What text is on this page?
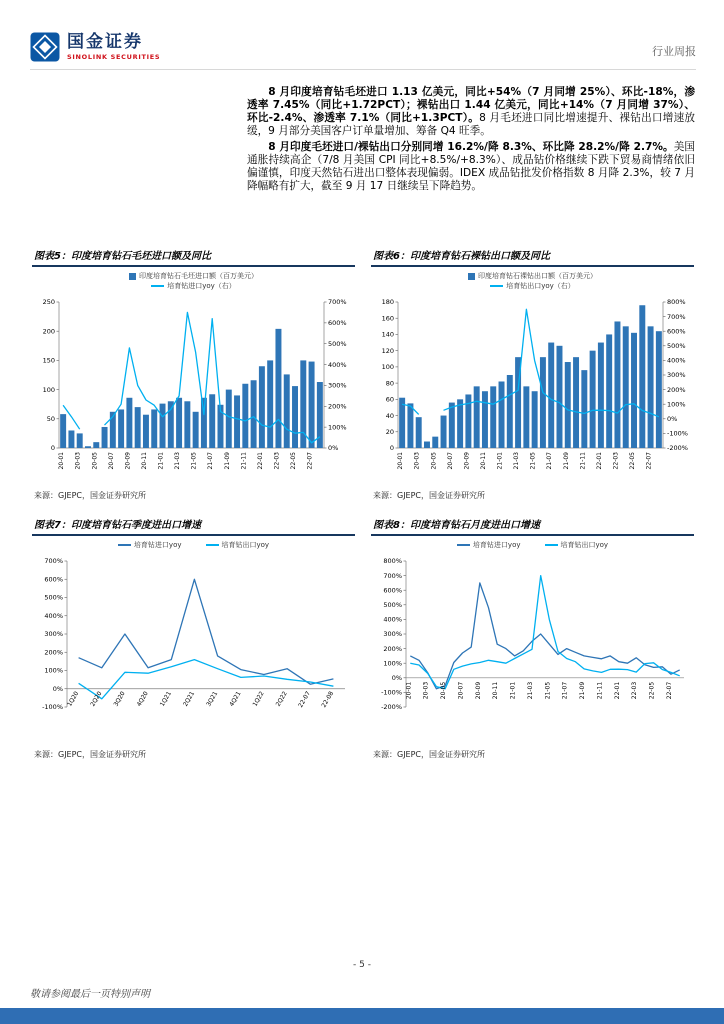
国金证券
SINOLINK SECURITIES	行业周报

8 月印度培育钻毛坯进口 1.13 亿美元，同比+54%（7 月同增 25%）、环比-18%，渗透率 7.45%（同比+1.72PCT）；裸钻出口 1.44 亿美元，同比+14%（7 月同增 37%）、环比-2.4%、渗透率 7.1%（同比+1.3PCT）。8 月毛坯进口同比增速提升、裸钻出口增速放缓，9 月部分美国客户订单量增加、筹备 Q4 旺季。

8 月印度毛坯进口/裸钻出口分别同增 16.2%/降 8.3%、环比降 28.2%/降 2.7%。美国通胀持续高企（7/8 月美国 CPI 同比+8.5%/+8.3%）、成品钻价格继续下跌下贸易商情绪依旧偏谨慎，印度天然钻石进出口整体表现偏弱。IDEX 成品钻批发价格指数 8 月降 2.3%，较 7 月降幅略有扩大，截至 9 月 17 日继续呈下降趋势。

图表5：印度培育钻石毛坯进口额及同比
印度培育钻石毛坯进口额（百万美元）
培育钻进口yoy（右）
0
50
100
150
200
250
0%
100%
200%
300%
400%
500%
600%
700%
20-01 20-03 20-05 20-07 20-09 20-11 21-01 21-03 21-05 21-07 21-09 21-11 22-01 22-03 22-05 22-07

来源：GJEPC，国金证券研究所

图表6：印度培育钻石裸钻出口额及同比
印度培育钻石裸钻出口额（百万美元）
培育钻出口yoy（右）
0
20
40
60
80
100
120
140
160
180
-200%
-100%
0%
100%
200%
300%
400%
500%
600%
700%
800%
20-01 20-03 20-05 20-07 20-09 20-11 21-01 21-03 21-05 21-07 21-09 21-11 22-01 22-03 22-05 22-07

来源：GJEPC，国金证券研究所

图表7：印度培育钻石季度进出口增速
培育钻进口yoy	培育钻出口yoy
-100%
0%
100%
200%
300%
400%
500%
600%
700%
1Q20 2Q20 3Q20 4Q20 1Q21 2Q21 3Q21 4Q21 1Q22 2Q22 22-07 22-08

来源：GJEPC，国金证券研究所

图表8：印度培育钻石月度进出口增速
培育钻进口yoy	培育钻出口yoy
-200%
-100%
0%
100%
200%
300%
400%
500%
600%
700%
800%
20-01 20-03 20-05 20-07 20-09 20-11 21-01 21-03 21-05 21-07 21-09 21-11 22-01 22-03 22-05 22-07

来源：GJEPC，国金证券研究所

- 5 -
敬请参阅最后一页特别声明
